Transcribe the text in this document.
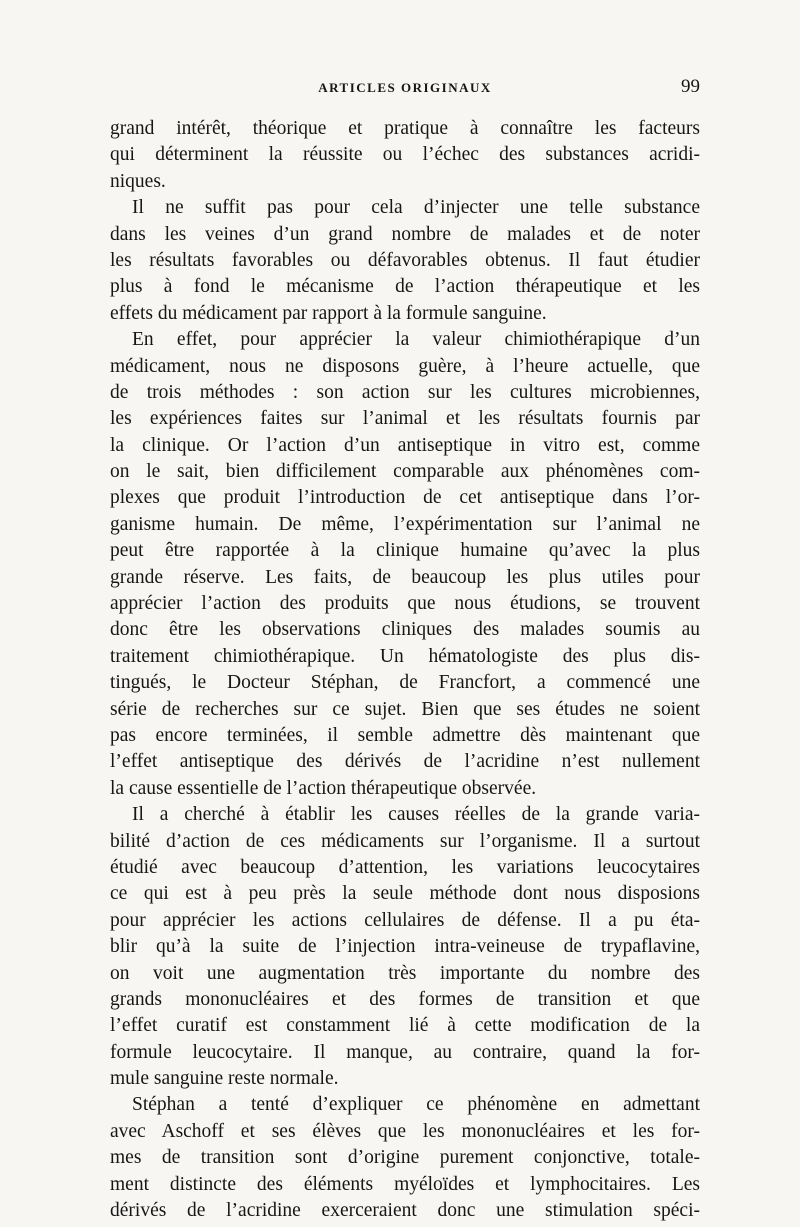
ARTICLES ORIGINAUX	99
grand intérêt, théorique et pratique à connaître les facteurs
qui déterminent la réussite ou l’échec des substances acridi-
niques.
Il ne suffit pas pour cela d’injecter une telle substance
dans les veines d’un grand nombre de malades et de noter
les résultats favorables ou défavorables obtenus. Il faut étudier
plus à fond le mécanisme de l’action thérapeutique et les
effets du médicament par rapport à la formule sanguine.
En effet, pour apprécier la valeur chimiothérapique d’un
médicament, nous ne disposons guère, à l’heure actuelle, que
de trois méthodes : son action sur les cultures microbiennes,
les expériences faites sur l’animal et les résultats fournis par
la clinique. Or l’action d’un antiseptique in vitro est, comme
on le sait, bien difficilement comparable aux phénomènes com-
plexes que produit l’introduction de cet antiseptique dans l’or-
ganisme humain. De même, l’expérimentation sur l’animal ne
peut être rapportée à la clinique humaine qu’avec la plus
grande réserve. Les faits, de beaucoup les plus utiles pour
apprécier l’action des produits que nous étudions, se trouvent
donc être les observations cliniques des malades soumis au
traitement chimiothérapique. Un hématologiste des plus dis-
tingués, le Docteur Stéphan, de Francfort, a commencé une
série de recherches sur ce sujet. Bien que ses études ne soient
pas encore terminées, il semble admettre dès maintenant que
l’effet antiseptique des dérivés de l’acridine n’est nullement
la cause essentielle de l’action thérapeutique observée.
Il a cherché à établir les causes réelles de la grande varia-
bilité d’action de ces médicaments sur l’organisme. Il a surtout
étudié avec beaucoup d’attention, les variations leucocytaires
ce qui est à peu près la seule méthode dont nous disposions
pour apprécier les actions cellulaires de défense. Il a pu éta-
blir qu’à la suite de l’injection intra-veineuse de trypaflavine,
on voit une augmentation très importante du nombre des
grands mononucléaires et des formes de transition et que
l’effet curatif est constamment lié à cette modification de la
formule leucocytaire. Il manque, au contraire, quand la for-
mule sanguine reste normale.
Stéphan a tenté d’expliquer ce phénomène en admettant
avec Aschoff et ses élèves que les mononucléaires et les for-
mes de transition sont d’origine purement conjonctive, totale-
ment distincte des éléments myéloïdes et lymphocitaires. Les
dérivés de l’acridine exerceraient donc une stimulation spéci-
